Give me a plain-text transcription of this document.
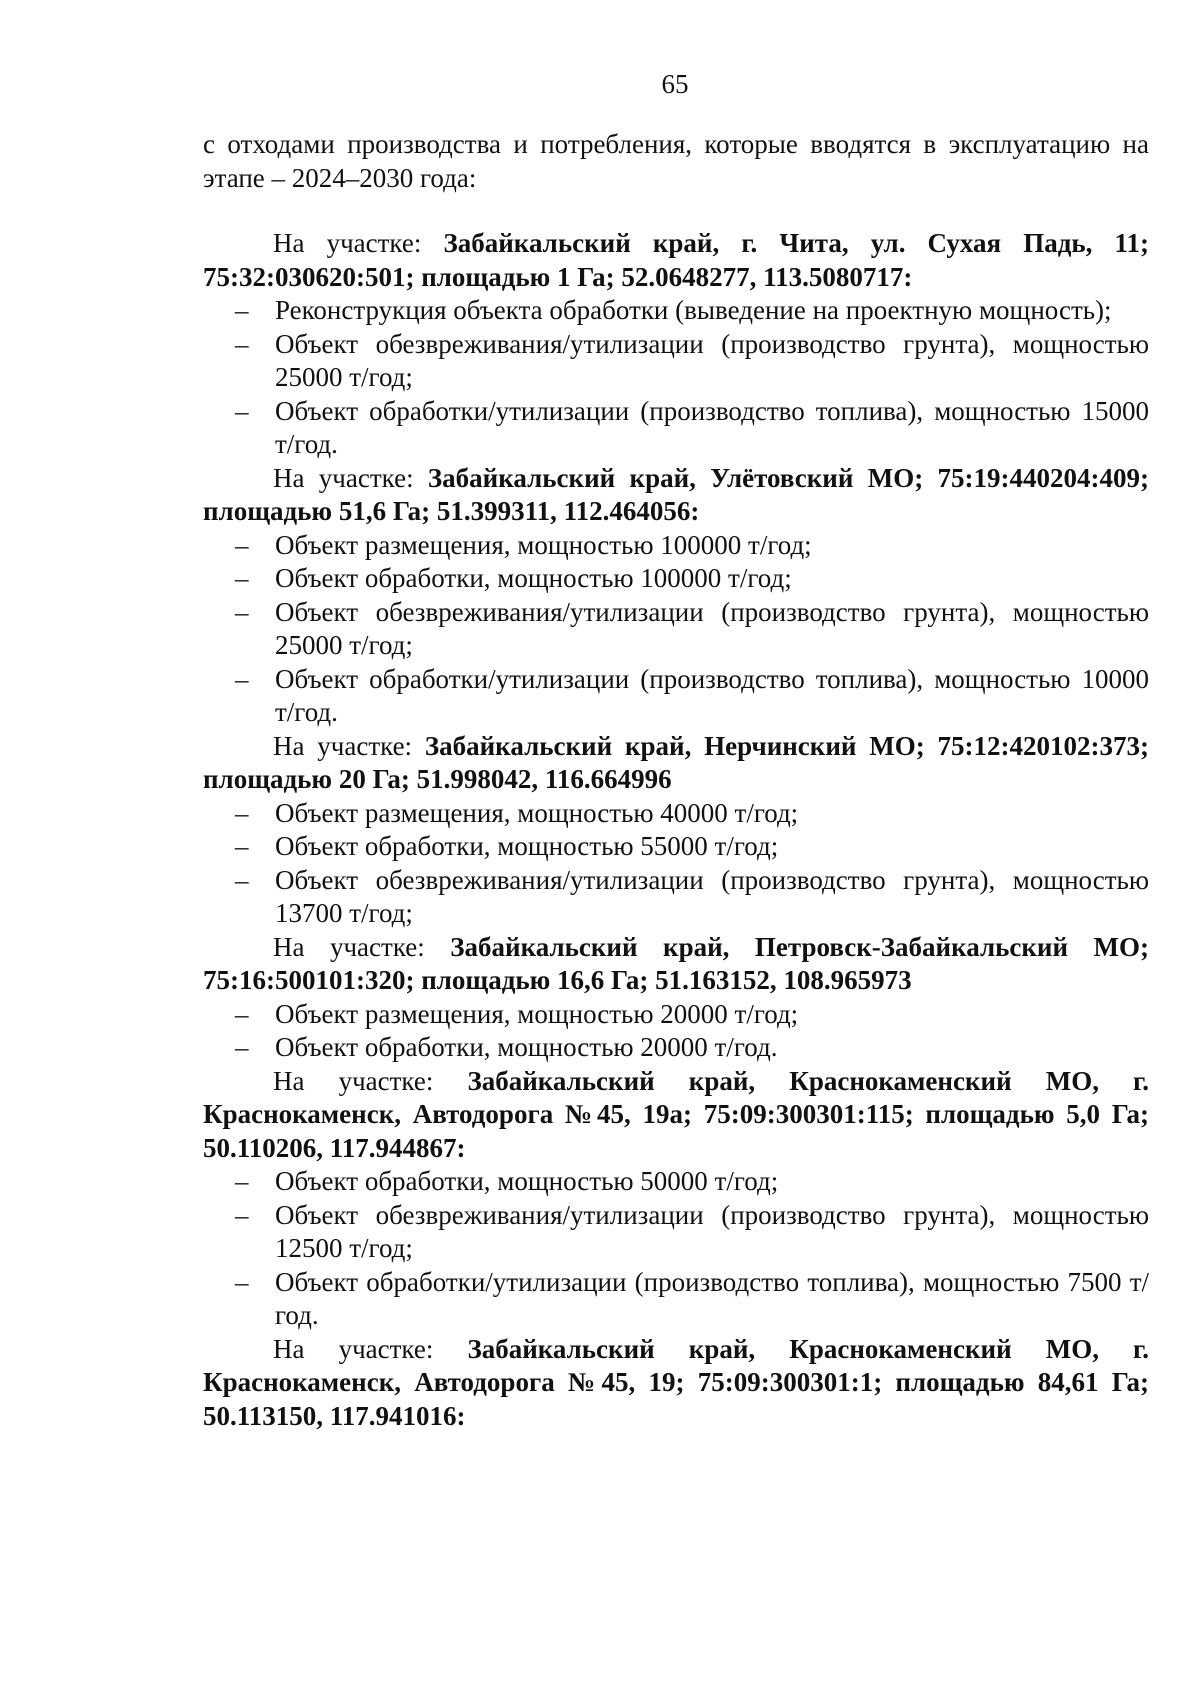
65

с отходами производства и потребления, которые вводятся в эксплуатацию на этапе – 2024–2030 года:

На участке: Забайкальский край, г. Чита, ул. Сухая Падь, 11; 75:32:030620:501; площадью 1 Га; 52.0648277, 113.5080717:

– Реконструкция объекта обработки (выведение на проектную мощность);
– Объект обезвреживания/утилизации (производство грунта), мощностью 25000 т/год;
– Объект обработки/утилизации (производство топлива), мощностью 15000 т/год.

На участке: Забайкальский край, Улётовский МО; 75:19:440204:409; площадью 51,6 Га; 51.399311, 112.464056:

– Объект размещения, мощностью 100000 т/год;
– Объект обработки, мощностью 100000 т/год;
– Объект обезвреживания/утилизации (производство грунта), мощностью 25000 т/год;
– Объект обработки/утилизации (производство топлива), мощностью 10000 т/год.

На участке: Забайкальский край, Нерчинский МО; 75:12:420102:373; площадью 20 Га; 51.998042, 116.664996

– Объект размещения, мощностью 40000 т/год;
– Объект обработки, мощностью 55000 т/год;
– Объект обезвреживания/утилизации (производство грунта), мощностью 13700 т/год;

На участке: Забайкальский край, Петровск-Забайкальский МО; 75:16:500101:320; площадью 16,6 Га; 51.163152, 108.965973

– Объект размещения, мощностью 20000 т/год;
– Объект обработки, мощностью 20000 т/год.

На участке: Забайкальский край, Краснокаменский МО, г. Краснокаменск, Автодорога №45, 19а; 75:09:300301:115; площадью 5,0 Га; 50.110206, 117.944867:

– Объект обработки, мощностью 50000 т/год;
– Объект обезвреживания/утилизации (производство грунта), мощностью 12500 т/год;
– Объект обработки/утилизации (производство топлива), мощностью 7500 т/год.

На участке: Забайкальский край, Краснокаменский МО, г. Краснокаменск, Автодорога №45, 19; 75:09:300301:1; площадью 84,61 Га; 50.113150, 117.941016:
